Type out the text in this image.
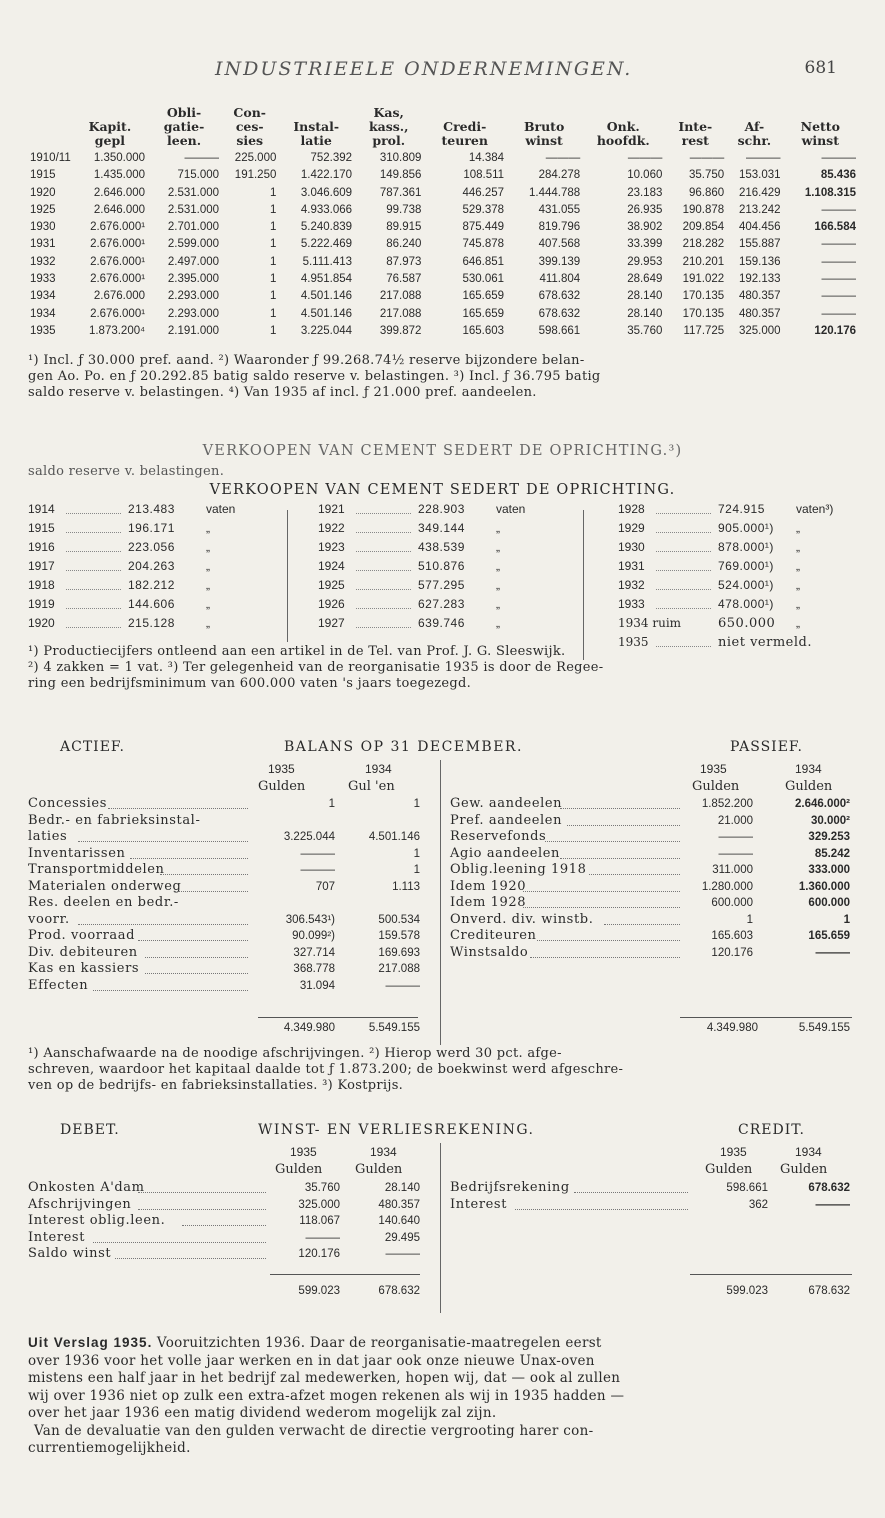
INDUSTRIEELE ONDERNEMINGEN.	681
		Obli-	Con-		Kas,						
	Kapit. gepl	gatie- leen.	ces- sies	Instal- latie	kass., prol.	Credi- teuren	Bruto winst	Onk. hoofdk.	Inte- rest	Af- schr.	Netto winst
1910/11	1.350.000	———	225.000	752.392	310.809	14.384	———	———	———	———	———
1915	1.435.000	715.000	191.250	1.422.170	149.856	108.511	284.278	10.060	35.750	153.031	85.436
1920	2.646.000	2.531.000	1	3.046.609	787.361	446.257	1.444.788	23.183	96.860	216.429	1.108.315
1925	2.646.000	2.531.000	1	4.933.066	99.738	529.378	431.055	26.935	190.878	213.242	———
1930	2.676.000¹	2.701.000	1	5.240.839	89.915	875.449	819.796	38.902	209.854	404.456	166.584
1931	2.676.000¹	2.599.000	1	5.222.469	86.240	745.878	407.568	33.399	218.282	155.887	———
1932	2.676.000¹	2.497.000	1	5.111.413	87.973	646.851	399.139	29.953	210.201	159.136	———
1933	2.676.000¹	2.395.000	1	4.951.854	76.587	530.061	411.804	28.649	191.022	192.133	———
1934	2.676.000	2.293.000	1	4.501.146	217.088	165.659	678.632	28.140	170.135	480.357	———
1934	2.676.000¹	2.293.000	1	4.501.146	217.088	165.659	678.632	28.140	170.135	480.357	———
1935	1.873.200⁴	2.191.000	1	3.225.044	399.872	165.603	598.661	35.760	117.725	325.000	120.176
¹) Incl. ƒ 30.000 pref. aand. ²) Waaronder ƒ 99.268.74½ reserve bijzondere belan-
gen Ao. Po. en ƒ 20.292.85 batig saldo reserve v. belastingen. ³) Incl. ƒ 36.795 batig
saldo reserve v. belastingen. ⁴) Van 1935 af incl. ƒ 21.000 pref. aandeelen.
VERKOOPEN VAN CEMENT SEDERT DE OPRICHTING.³)
saldo reserve v. belastingen.
VERKOOPEN VAN CEMENT SEDERT DE OPRICHTING.
1914	213.483	vaten
1915	196.171	„
1916	223.056	„
1917	204.263	„
1918	182.212	„
1919	144.606	„
1920	215.128	„
1921	228.903	vaten
1922	349.144	„
1923	438.539	„
1924	510.876	„
1925	577.295	„
1926	627.283	„
1927	639.746	„
1928	724.915	vaten³)
1929	905.000¹) „
1930	878.000¹) „
1931	769.000¹) „
1932	524.000¹) „
1933	478.000¹) „
1934 ruim	650.000 „
1935	niet vermeld.
¹) Productiecijfers ontleend aan een artikel in de Tel. van Prof. J. G. Sleeswijk.
²) 4 zakken = 1 vat. ³) Ter gelegenheid van de reorganisatie 1935 is door de Regee-
ring een bedrijfsminimum van 600.000 vaten 's jaars toegezegd.
ACTIEF.	BALANS OP 31 DECEMBER.	PASSIEF.
1935	1934
Gulden	Gul 'en
1935	1934
Gulden	Gulden
Concessies	1	1
Bedr.- en fabrieksinstal-
laties	3.225.044	4.501.146
Inventarissen	———	1
Transportmiddelen	———	1
Materialen onderweg	707	1.113
Res. deelen en bedr.-
voorr.	306.543¹)	500.534
Prod. voorraad	90.099²)	159.578
Div. debiteuren	327.714	169.693
Kas en kassiers	368.778	217.088
Effecten	31.094	———
Gew. aandeelen	1.852.200	2.646.000²
Pref. aandeelen	21.000	30.000²
Reservefonds	———	329.253
Agio aandeelen	———	85.242
Oblig.leening 1918	311.000	333.000
Idem 1920	1.280.000	1.360.000
Idem 1928	600.000	600.000
Onverd. div. winstb.	1	1
Crediteuren	165.603	165.659
Winstsaldo	120.176	———
4.349.980	5.549.155	4.349.980	5.549.155
¹) Aanschafwaarde na de noodige afschrijvingen. ²) Hierop werd 30 pct. afge-
schreven, waardoor het kapitaal daalde tot ƒ 1.873.200; de boekwinst werd afgeschre-
ven op de bedrijfs- en fabrieksinstallaties. ³) Kostprijs.
DEBET.	WINST- EN VERLIESREKENING.	CREDIT.
1935	1934
Gulden	Gulden
1935	1934
Gulden Gulden
Onkosten A'dam	35.760	28.140
Afschrijvingen	325.000	480.357
Interest oblig.leen.	118.067	140.640
Interest	———	29.495
Saldo winst	120.176	———
Bedrijfsrekening	598.661	678.632
Interest	362	———
599.023	678.632	599.023	678.632
Uit Verslag 1935. Vooruitzichten 1936. Daar de reorganisatie-maatregelen eerst
over 1936 voor het volle jaar werken en in dat jaar ook onze nieuwe Unax-oven
mistens een half jaar in het bedrijf zal medewerken, hopen wij, dat — ook al zullen
wij over 1936 niet op zulk een extra-afzet mogen rekenen als wij in 1935 hadden —
over het jaar 1936 een matig dividend wederom mogelijk zal zijn.
Van de devaluatie van den gulden verwacht de directie vergrooting harer con-
currentiemogelijkheid.
